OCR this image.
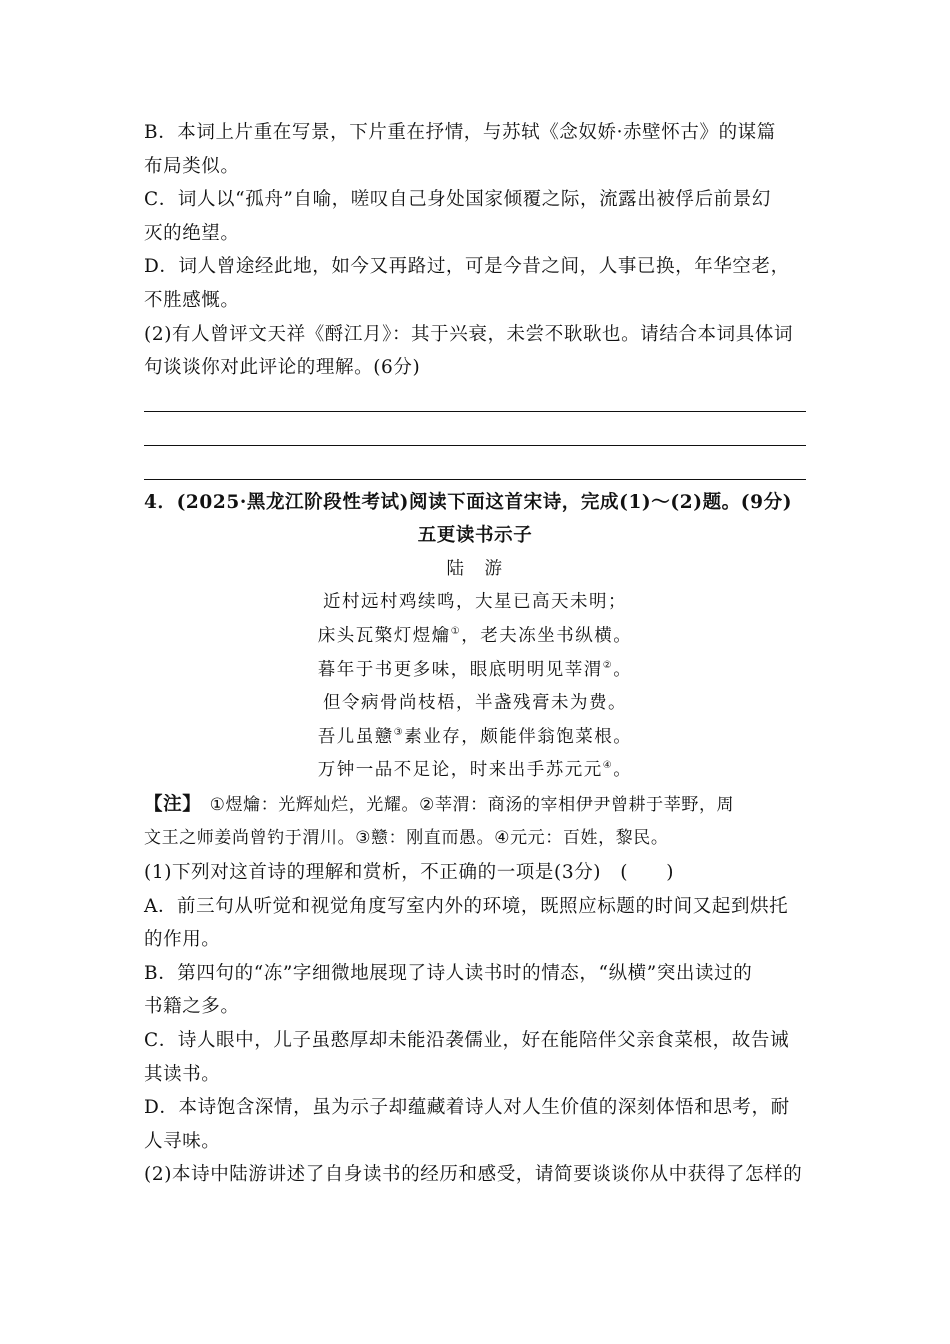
B．本词上片重在写景，下片重在抒情，与苏轼《念奴娇·赤壁怀古》的谋篇
布局类似。
C．词人以“孤舟”自喻，嗟叹自己身处国家倾覆之际，流露出被俘后前景幻
灭的绝望。
D．词人曾途经此地，如今又再路过，可是今昔之间，人事已换，年华空老，
不胜感慨。
(2)有人曾评文天祥《酹江月》：其于兴衰，未尝不耿耿也。请结合本词具体词
句谈谈你对此评论的理解。(6分)
4．(2025·黑龙江阶段性考试)阅读下面这首宋诗，完成(1)～(2)题。(9分)
五更读书示子
陆　游
近村远村鸡续鸣，大星已高天未明；
床头瓦檠灯煜爚①，老夫冻坐书纵横。
暮年于书更多味，眼底明明见莘渭②。
但令病骨尚枝梧，半盏残膏未为费。
吾儿虽戆③素业存，颇能伴翁饱菜根。
万钟一品不足论，时来出手苏元元④。
【注】　①煜爚：光辉灿烂，光耀。②莘渭：商汤的宰相伊尹曾耕于莘野，周
文王之师姜尚曾钓于渭川。③戆：刚直而愚。④元元：百姓，黎民。
(1)下列对这首诗的理解和赏析，不正确的一项是(3分)　(　　)
A．前三句从听觉和视觉角度写室内外的环境，既照应标题的时间又起到烘托
的作用。
B．第四句的“冻”字细微地展现了诗人读书时的情态，“纵横”突出读过的
书籍之多。
C．诗人眼中，儿子虽憨厚却未能沿袭儒业，好在能陪伴父亲食菜根，故告诫
其读书。
D．本诗饱含深情，虽为示子却蕴藏着诗人对人生价值的深刻体悟和思考，耐
人寻味。
(2)本诗中陆游讲述了自身读书的经历和感受，请简要谈谈你从中获得了怎样的
